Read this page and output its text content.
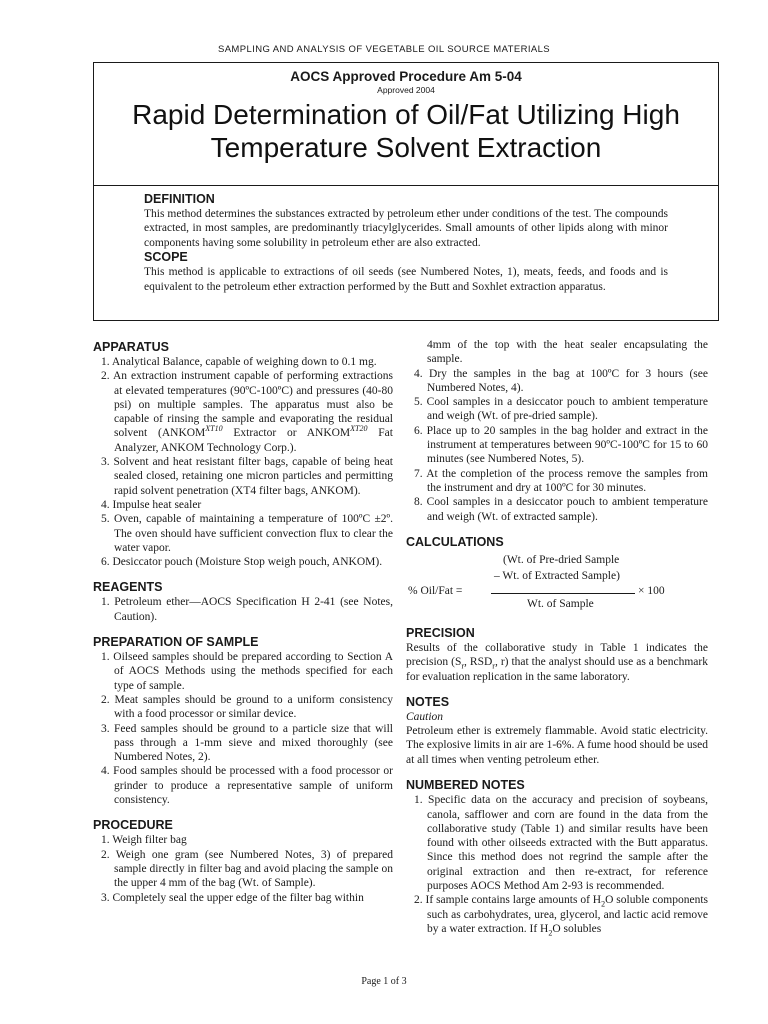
SAMPLING AND ANALYSIS OF VEGETABLE OIL SOURCE MATERIALS
AOCS Approved Procedure Am 5-04
Approved 2004
Rapid Determination of Oil/Fat Utilizing High
Temperature Solvent Extraction
DEFINITION

This method determines the substances extracted by petroleum ether under conditions of the test. The compounds extracted, in most samples, are predominantly triacylglycerides. Small amounts of other lipids along with minor components having some solubility in petroleum ether are also extracted.

SCOPE

This method is applicable to extractions of oil seeds (see Numbered Notes, 1), meats, feeds, and foods and is equivalent to the petroleum ether extraction performed by the Butt and Soxhlet extraction apparatus.

APPARATUS
1. Analytical Balance, capable of weighing down to 0.1 mg.
2. An extraction instrument capable of performing extractions at elevated temperatures (90ºC-100ºC) and pressures (40-80 psi) on multiple samples. The apparatus must also be capable of rinsing the sample and evaporating the residual solvent ($ANKOM^{XT10}$ Extractor or $ANKOM^{XT20}$ Fat Analyzer, ANKOM Technology Corp.).
3. Solvent and heat resistant filter bags, capable of being heat sealed closed, retaining one micron particles and permitting rapid solvent penetration (XT4 filter bags, ANKOM).
4. Impulse heat sealer
5. Oven, capable of maintaining a temperature of 100ºC ±2º. The oven should have sufficient convection flux to clear the water vapor.
6. Desiccator pouch (Moisture Stop weigh pouch, ANKOM).
REAGENTS
1. Petroleum ether—AOCS Specification H 2-41 (see Notes, Caution).
PREPARATION OF SAMPLE
1. Oilseed samples should be prepared according to Section A of AOCS Methods using the methods specified for each type of sample.
2. Meat samples should be ground to a uniform consistency with a food processor or similar device.
3. Feed samples should be ground to a particle size that will pass through a 1-mm sieve and mixed thoroughly (see Numbered Notes, 2).
4. Food samples should be processed with a food processor or grinder to produce a representative sample of uniform consistency.
PROCEDURE
1. Weigh filter bag
2. Weigh one gram (see Numbered Notes, 3) of prepared sample directly in filter bag and avoid placing the sample on the upper 4 mm of the bag (Wt. of Sample).
3. Completely seal the upper edge of the filter bag within
4mm of the top with the heat sealer encapsulating the sample.
4. Dry the samples in the bag at 100ºC for 3 hours (see Numbered Notes, 4).
5. Cool samples in a desiccator pouch to ambient temperature and weigh (Wt. of pre-dried sample).
6. Place up to 20 samples in the bag holder and extract in the instrument at temperatures between 90ºC-100ºC for 15 to 60 minutes (see Numbered Notes, 5).
7. At the completion of the process remove the samples from the instrument and dry at 100ºC for 30 minutes.
8. Cool samples in a desiccator pouch to ambient temperature and weigh (Wt. of extracted sample).
CALCULATIONS
(Wt. of Pre-dried Sample
– Wt. of Extracted Sample)
% Oil/Fat =	× 100
Wt. of Sample
PRECISION

Results of the collaborative study in Table 1 indicates the precision ($S_r$, $RSD_r$, r) that the analyst should use as a benchmark for evaluation replication in the same laboratory.

NOTES
Caution

Petroleum ether is extremely flammable. Avoid static electricity. The explosive limits in air are 1-6%. A fume hood should be used at all times when venting petroleum ether.

NUMBERED NOTES
1. Specific data on the accuracy and precision of soybeans, canola, safflower and corn are found in the data from the collaborative study (Table 1) and similar results have been found with other oilseeds extracted with the Butt apparatus. Since this method does not regrind the sample after the original extraction and then re-extract, for reference purposes AOCS Method Am 2-93 is recommended.
2. If sample contains large amounts of $H_2O$ soluble components such as carbohydrates, urea, glycerol, and lactic acid remove by a water extraction. If $H_2O$ solubles
Page 1 of 3
